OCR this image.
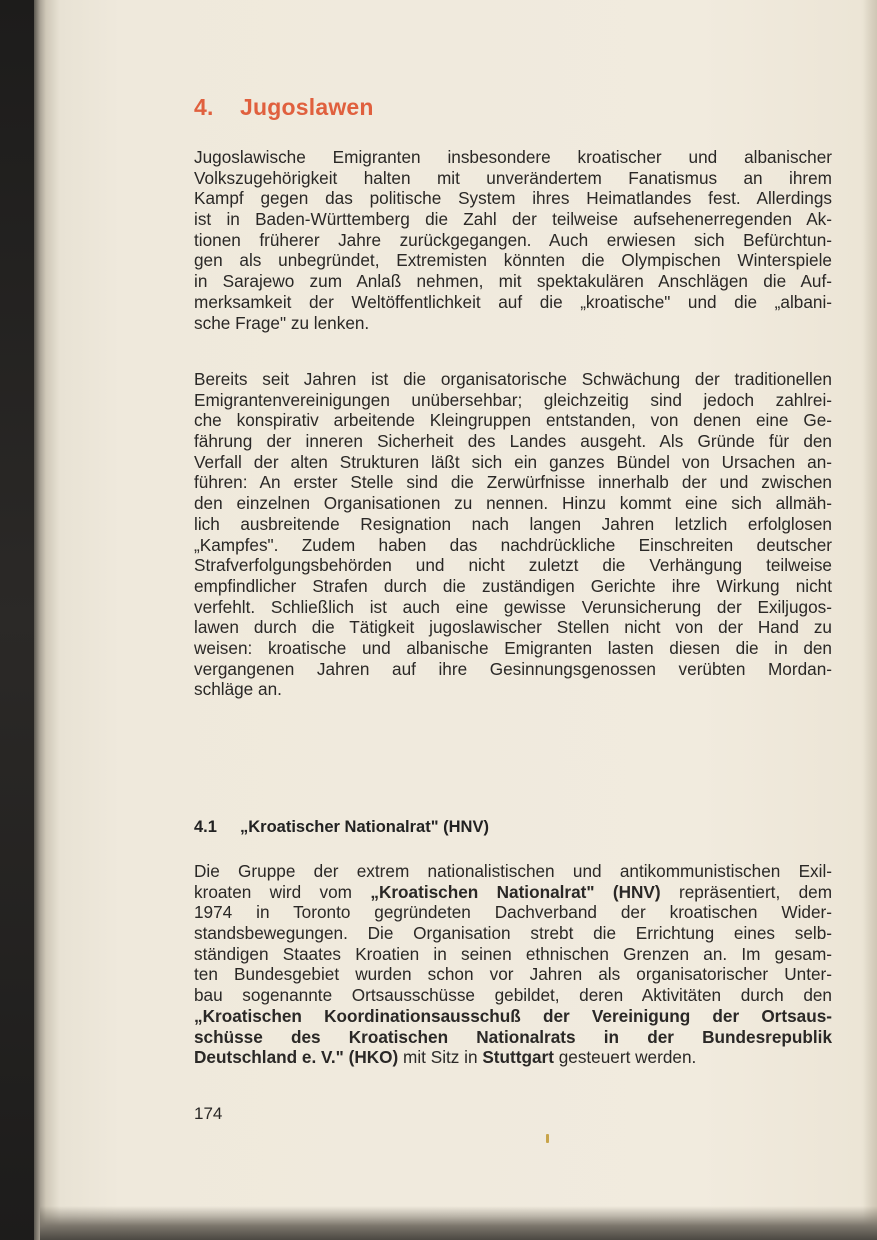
4. Jugoslawen

Jugoslawische Emigranten insbesondere kroatischer und albanischer
Volkszugehörigkeit halten mit unverändertem Fanatismus an ihrem
Kampf gegen das politische System ihres Heimatlandes fest. Allerdings
ist in Baden-Württemberg die Zahl der teilweise aufsehenerregenden Ak-
tionen früherer Jahre zurückgegangen. Auch erwiesen sich Befürchtun-
gen als unbegründet, Extremisten könnten die Olympischen Winterspiele
in Sarajewo zum Anlaß nehmen, mit spektakulären Anschlägen die Auf-
merksamkeit der Weltöffentlichkeit auf die „kroatische" und die „albani-
sche Frage" zu lenken.

Bereits seit Jahren ist die organisatorische Schwächung der traditionellen
Emigrantenvereinigungen unübersehbar; gleichzeitig sind jedoch zahlrei-
che konspirativ arbeitende Kleingruppen entstanden, von denen eine Ge-
fährung der inneren Sicherheit des Landes ausgeht. Als Gründe für den
Verfall der alten Strukturen läßt sich ein ganzes Bündel von Ursachen an-
führen: An erster Stelle sind die Zerwürfnisse innerhalb der und zwischen
den einzelnen Organisationen zu nennen. Hinzu kommt eine sich allmäh-
lich ausbreitende Resignation nach langen Jahren letzlich erfolglosen
„Kampfes". Zudem haben das nachdrückliche Einschreiten deutscher
Strafverfolgungsbehörden und nicht zuletzt die Verhängung teilweise
empfindlicher Strafen durch die zuständigen Gerichte ihre Wirkung nicht
verfehlt. Schließlich ist auch eine gewisse Verunsicherung der Exiljugos-
lawen durch die Tätigkeit jugoslawischer Stellen nicht von der Hand zu
weisen: kroatische und albanische Emigranten lasten diesen die in den
vergangenen Jahren auf ihre Gesinnungsgenossen verübten Mordan-
schläge an.

4.1 „Kroatischer Nationalrat" (HNV)

Die Gruppe der extrem nationalistischen und antikommunistischen Exil-
kroaten wird vom „Kroatischen Nationalrat" (HNV) repräsentiert, dem
1974 in Toronto gegründeten Dachverband der kroatischen Wider-
standsbewegungen. Die Organisation strebt die Errichtung eines selb-
ständigen Staates Kroatien in seinen ethnischen Grenzen an. Im gesam-
ten Bundesgebiet wurden schon vor Jahren als organisatorischer Unter-
bau sogenannte Ortsausschüsse gebildet, deren Aktivitäten durch den
„Kroatischen Koordinationsausschuß der Vereinigung der Ortsaus-
schüsse des Kroatischen Nationalrats in der Bundesrepublik
Deutschland e. V." (HKO) mit Sitz in Stuttgart gesteuert werden.

174
